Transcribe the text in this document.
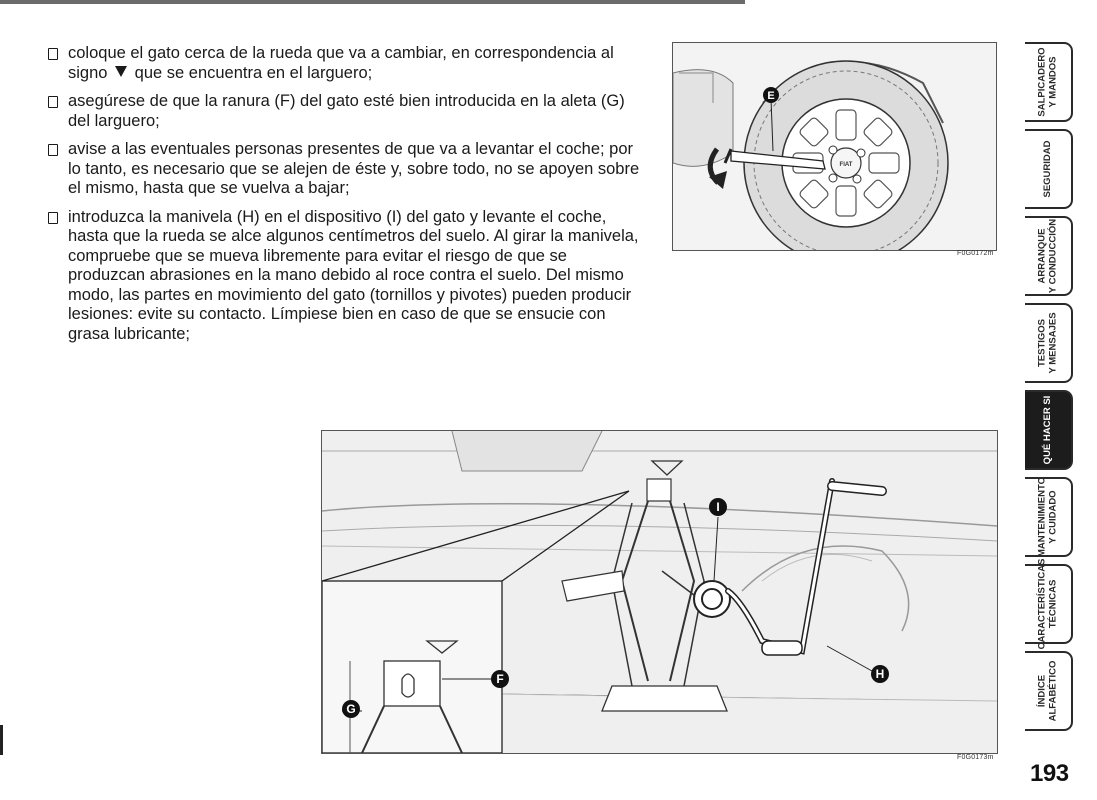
coloque el gato cerca de la rueda que va a cambiar, en correspondencia al signo que se encuentra en el larguero;
asegúrese de que la ranura (F) del gato esté bien introducida en la aleta (G) del larguero;
avise a las eventuales personas presentes de que va a levantar el coche; por lo tanto, es necesario que se alejen de éste y, sobre todo, no se apoyen sobre el mismo, hasta que se vuelva a bajar;
introduzca la manivela (H) en el dispositivo (I) del gato y levante el coche, hasta que la rueda se alce algunos centímetros del suelo. Al girar la manivela, compruebe que se mueva libremente para evitar el riesgo de que se produzcan abrasiones en la mano debido al roce contra el suelo. Del mismo modo, las partes en movimiento del gato (tornillos y pivotes) pueden producir lesiones: evite su contacto. Límpiese bien en caso de que se ensucie con grasa lubricante;
FIAT
E
F0G0172m
I
F
G
H
F0G0173m
SALPICADERO Y MANDOS
SEGURIDAD
ARRANQUE Y CONDUCCIÓN
TESTIGOS Y MENSAJES
QUÉ HACER SI
MANTENIMIENTO Y CUIDADO
CARACTERÍSTICAS TÉCNICAS
ÍNDICE ALFABÉTICO
193
